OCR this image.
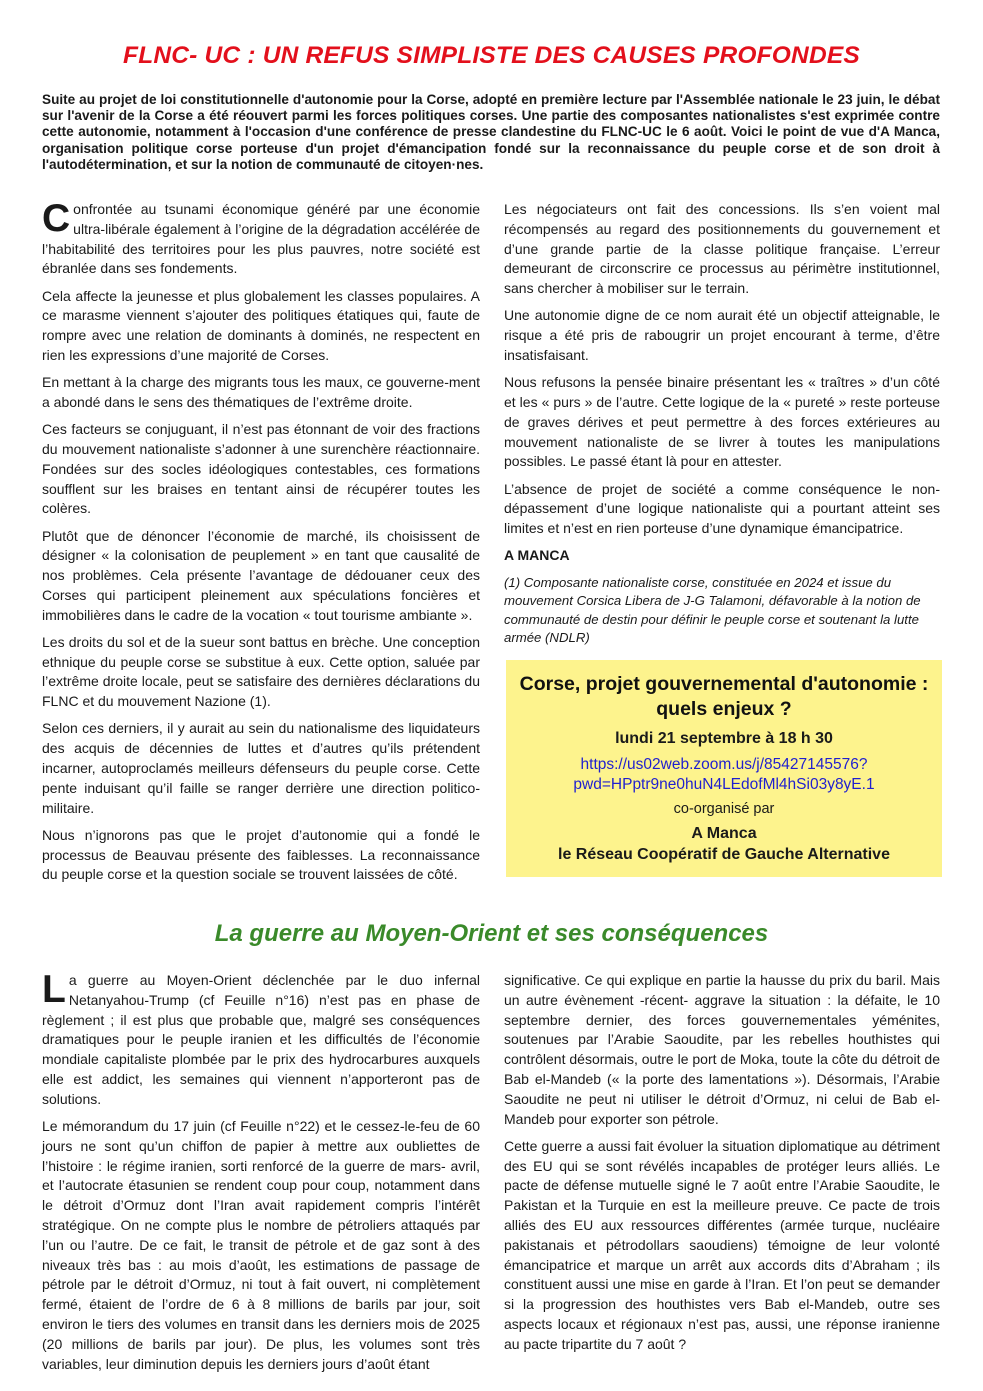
FLNC- UC : UN REFUS SIMPLISTE DES CAUSES PROFONDES

Suite au projet de loi constitutionnelle d'autonomie pour la Corse, adopté en première lecture par l'Assemblée nationale le 23 juin, le débat sur l'avenir de la Corse a été réouvert parmi les forces politiques corses. Une partie des composantes nationalistes s'est exprimée contre cette autonomie, notamment à l'occasion d'une conférence de presse clandestine du FLNC-UC le 6 août. Voici le point de vue d'A Manca, organisation politique corse porteuse d'un projet d'émancipation fondé sur la reconnaissance du peuple corse et de son droit à l'autodétermination, et sur la notion de communauté de citoyen·nes.

Confrontée au tsunami économique généré par une économie ultra-libérale également à l’origine de la dégradation accélérée de l’habitabilité des territoires pour les plus pauvres, notre société est ébranlée dans ses fondements.

Cela affecte la jeunesse et plus globalement les classes populaires. A ce marasme viennent s’ajouter des politiques étatiques qui, faute de rompre avec une relation de dominants à dominés, ne respectent en rien les expressions d’une majorité de Corses.

En mettant à la charge des migrants tous les maux, ce gouverne-ment a abondé dans le sens des thématiques de l’extrême droite.

Ces facteurs se conjuguant, il n’est pas étonnant de voir des fractions du mouvement nationaliste s’adonner à une surenchère réactionnaire. Fondées sur des socles idéologiques contestables, ces formations soufflent sur les braises en tentant ainsi de récupérer toutes les colères.

Plutôt que de dénoncer l’économie de marché, ils choisissent de désigner « la colonisation de peuplement » en tant que causalité de nos problèmes. Cela présente l’avantage de dédouaner ceux des Corses qui participent pleinement aux spéculations foncières et immobilières dans le cadre de la vocation « tout tourisme ambiante ».

Les droits du sol et de la sueur sont battus en brèche. Une conception ethnique du peuple corse se substitue à eux. Cette option, saluée par l’extrême droite locale, peut se satisfaire des dernières déclarations du FLNC et du mouvement Nazione (1).

Selon ces derniers, il y aurait au sein du nationalisme des liquidateurs des acquis de décennies de luttes et d’autres qu’ils prétendent incarner, autoproclamés meilleurs défenseurs du peuple corse. Cette pente induisant qu’il faille se ranger derrière une direction politico-militaire.

Nous n’ignorons pas que le projet d’autonomie qui a fondé le processus de Beauvau présente des faiblesses. La reconnaissance du peuple corse et la question sociale se trouvent laissées de côté.

Les négociateurs ont fait des concessions. Ils s’en voient mal récompensés au regard des positionnements du gouvernement et d’une grande partie de la classe politique française. L’erreur demeurant de circonscrire ce processus au périmètre institutionnel, sans chercher à mobiliser sur le terrain.

Une autonomie digne de ce nom aurait été un objectif atteignable, le risque a été pris de rabougrir un projet encourant à terme, d’être insatisfaisant.

Nous refusons la pensée binaire présentant les « traîtres » d’un côté et les « purs » de l’autre. Cette logique de la « pureté » reste porteuse de graves dérives et peut permettre à des forces extérieures au mouvement nationaliste de se livrer à toutes les manipulations possibles. Le passé étant là pour en attester.

L’absence de projet de société a comme conséquence le non-dépassement d’une logique nationaliste qui a pourtant atteint ses limites et n’est en rien porteuse d’une dynamique émancipatrice.

A MANCA

(1) Composante nationaliste corse, constituée en 2024 et issue du mouvement Corsica Libera de J-G Talamoni, défavorable à la notion de communauté de destin pour définir le peuple corse et soutenant la lutte armée (NDLR)

Corse, projet gouvernemental d'autonomie : quels enjeux ?

lundi 21 septembre à 18 h 30

https://us02web.zoom.us/j/85427145576?
pwd=HPptr9ne0huN4LEdofMl4hSi03y8yE.1

co-organisé par

A Manca
le Réseau Coopératif de Gauche Alternative

La guerre au Moyen-Orient et ses conséquences

La guerre au Moyen-Orient déclenchée par le duo infernal Netanyahou-Trump (cf Feuille n°16) n’est pas en phase de règlement ; il est plus que probable que, malgré ses conséquences dramatiques pour le peuple iranien et les difficultés de l’économie mondiale capitaliste plombée par le prix des hydrocarbures auxquels elle est addict, les semaines qui viennent n’apporteront pas de solutions.

Le mémorandum du 17 juin (cf Feuille n°22) et le cessez-le-feu de 60 jours ne sont qu’un chiffon de papier à mettre aux oubliettes de l’histoire : le régime iranien, sorti renforcé de la guerre de mars- avril, et l’autocrate étasunien se rendent coup pour coup, notamment dans le détroit d’Ormuz dont l’Iran avait rapidement compris l’intérêt stratégique. On ne compte plus le nombre de pétroliers attaqués par l’un ou l’autre. De ce fait, le transit de pétrole et de gaz sont à des niveaux très bas : au mois d’août, les estimations de passage de pétrole par le détroit d’Ormuz, ni tout à fait ouvert, ni complètement fermé, étaient de l’ordre de 6 à 8 millions de barils par jour, soit environ le tiers des volumes en transit dans les derniers mois de 2025 (20 millions de barils par jour). De plus, les volumes sont très variables, leur diminution depuis les derniers jours d’août étant

significative. Ce qui explique en partie la hausse du prix du baril. Mais un autre évènement -récent- aggrave la situation : la défaite, le 10 septembre dernier, des forces gouvernementales yéménites, soutenues par l’Arabie Saoudite, par les rebelles houthistes qui contrôlent désormais, outre le port de Moka, toute la côte du détroit de Bab el-Mandeb (« la porte des lamentations »). Désormais, l’Arabie Saoudite ne peut ni utiliser le détroit d’Ormuz, ni celui de Bab el-Mandeb pour exporter son pétrole.

Cette guerre a aussi fait évoluer la situation diplomatique au détriment des EU qui se sont révélés incapables de protéger leurs alliés. Le pacte de défense mutuelle signé le 7 août entre l’Arabie Saoudite, le Pakistan et la Turquie en est la meilleure preuve. Ce pacte de trois alliés des EU aux ressources différentes (armée turque, nucléaire pakistanais et pétrodollars saoudiens) témoigne de leur volonté émancipatrice et marque un arrêt aux accords dits d’Abraham ; ils constituent aussi une mise en garde à l’Iran. Et l’on peut se demander si la progression des houthistes vers Bab el-Mandeb, outre ses aspects locaux et régionaux n’est pas, aussi, une réponse iranienne au pacte tripartite du 7 août ?
